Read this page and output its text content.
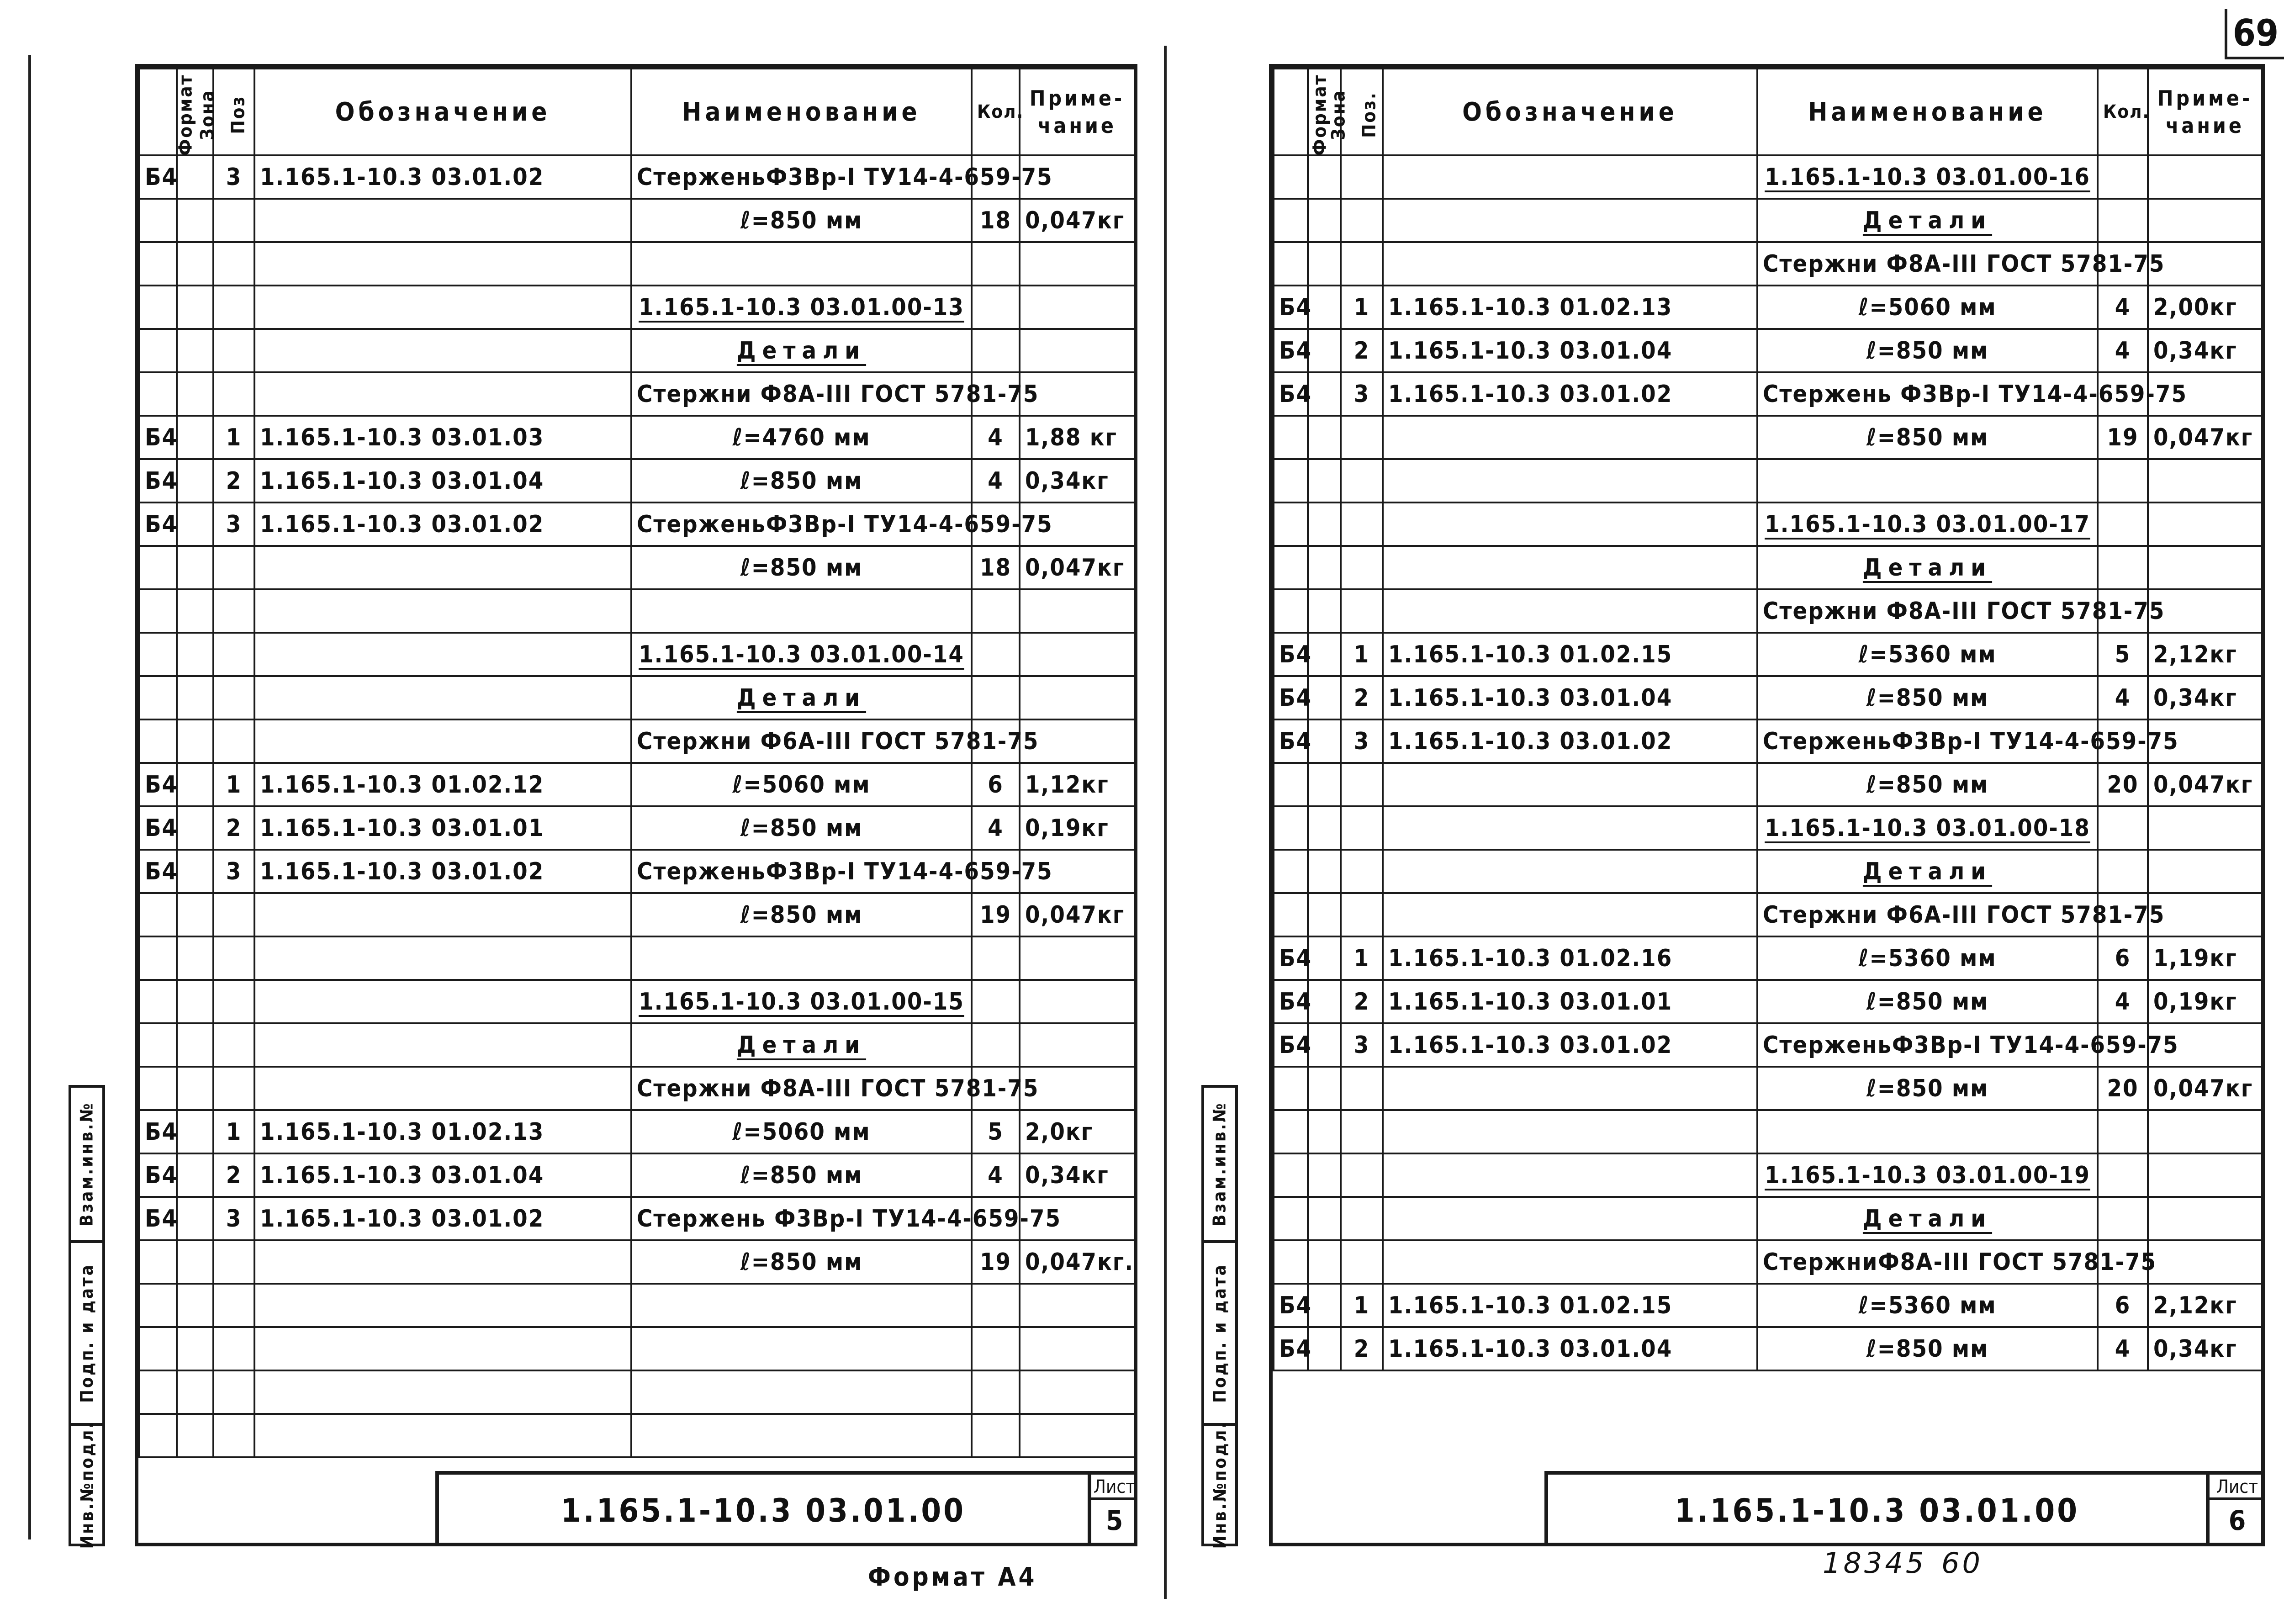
69
Формат	Зона	Поз	Обозначение	Наименование	Кол.	Приме-чание
Б4		3	1.165.1-10.3 03.01.02	СтерженьФ3Вр-I ТУ14-4-659-75		
				ℓ=850 мм	18	0,047кг

				1.165.1-10.3 03.01.00-13		
				Детали		
				Стержни Ф8А-III ГОСТ 5781-75		
Б4		1	1.165.1-10.3 03.01.03	ℓ=4760 мм	4	1,88 кг
Б4		2	1.165.1-10.3 03.01.04	ℓ=850 мм	4	0,34кг
Б4		3	1.165.1-10.3 03.01.02	СтерженьФ3Вр-I ТУ14-4-659-75		
				ℓ=850 мм	18	0,047кг

				1.165.1-10.3 03.01.00-14		
				Детали		
				Стержни Ф6А-III ГОСТ 5781-75		
Б4		1	1.165.1-10.3 01.02.12	ℓ=5060 мм	6	1,12кг
Б4		2	1.165.1-10.3 03.01.01	ℓ=850 мм	4	0,19кг
Б4		3	1.165.1-10.3 03.01.02	СтерженьФ3Вр-I ТУ14-4-659-75		
				ℓ=850 мм	19	0,047кг

				1.165.1-10.3 03.01.00-15		
				Детали		
				Стержни Ф8А-III ГОСТ 5781-75		
Б4		1	1.165.1-10.3 01.02.13	ℓ=5060 мм	5	2,0кг
Б4		2	1.165.1-10.3 03.01.04	ℓ=850 мм	4	0,34кг
Б4		3	1.165.1-10.3 03.01.02	Стержень Ф3Вр-I ТУ14-4-659-75		
				ℓ=850 мм	19	0,047кг.

1.165.1-10.3 03.01.00
Лист
5
Взам.инв.№
Подп. и дата
Инв.№подл.
Формат	Зона	Поз.	Обозначение	Наименование	Кол.	Приме-чание
				1.165.1-10.3 03.01.00-16		
				Детали		
				Стержни Ф8А-III ГОСТ 5781-75		
Б4		1	1.165.1-10.3 01.02.13	ℓ=5060 мм	4	2,00кг
Б4		2	1.165.1-10.3 03.01.04	ℓ=850 мм	4	0,34кг
Б4		3	1.165.1-10.3 03.01.02	Стержень Ф3Вр-I ТУ14-4-659-75		
				ℓ=850 мм	19	0,047кг

				1.165.1-10.3 03.01.00-17		
				Детали		
				Стержни Ф8А-III ГОСТ 5781-75		
Б4		1	1.165.1-10.3 01.02.15	ℓ=5360 мм	5	2,12кг
Б4		2	1.165.1-10.3 03.01.04	ℓ=850 мм	4	0,34кг
Б4		3	1.165.1-10.3 03.01.02	СтерженьФ3Вр-I ТУ14-4-659-75		
				ℓ=850 мм	20	0,047кг
				1.165.1-10.3 03.01.00-18		
				Детали		
				Стержни Ф6А-III ГОСТ 5781-75		
Б4		1	1.165.1-10.3 01.02.16	ℓ=5360 мм	6	1,19кг
Б4		2	1.165.1-10.3 03.01.01	ℓ=850 мм	4	0,19кг
Б4		3	1.165.1-10.3 03.01.02	СтерженьФ3Вр-I ТУ14-4-659-75		
				ℓ=850 мм	20	0,047кг

				1.165.1-10.3 03.01.00-19		
				Детали		
				СтержниФ8А-III ГОСТ 5781-75		
Б4		1	1.165.1-10.3 01.02.15	ℓ=5360 мм	6	2,12кг
Б4		2	1.165.1-10.3 03.01.04	ℓ=850 мм	4	0,34кг
1.165.1-10.3 03.01.00
Лист
6
Взам.инв.№
Подп. и дата
Инв.№подл.
Формат А4	18345 60
